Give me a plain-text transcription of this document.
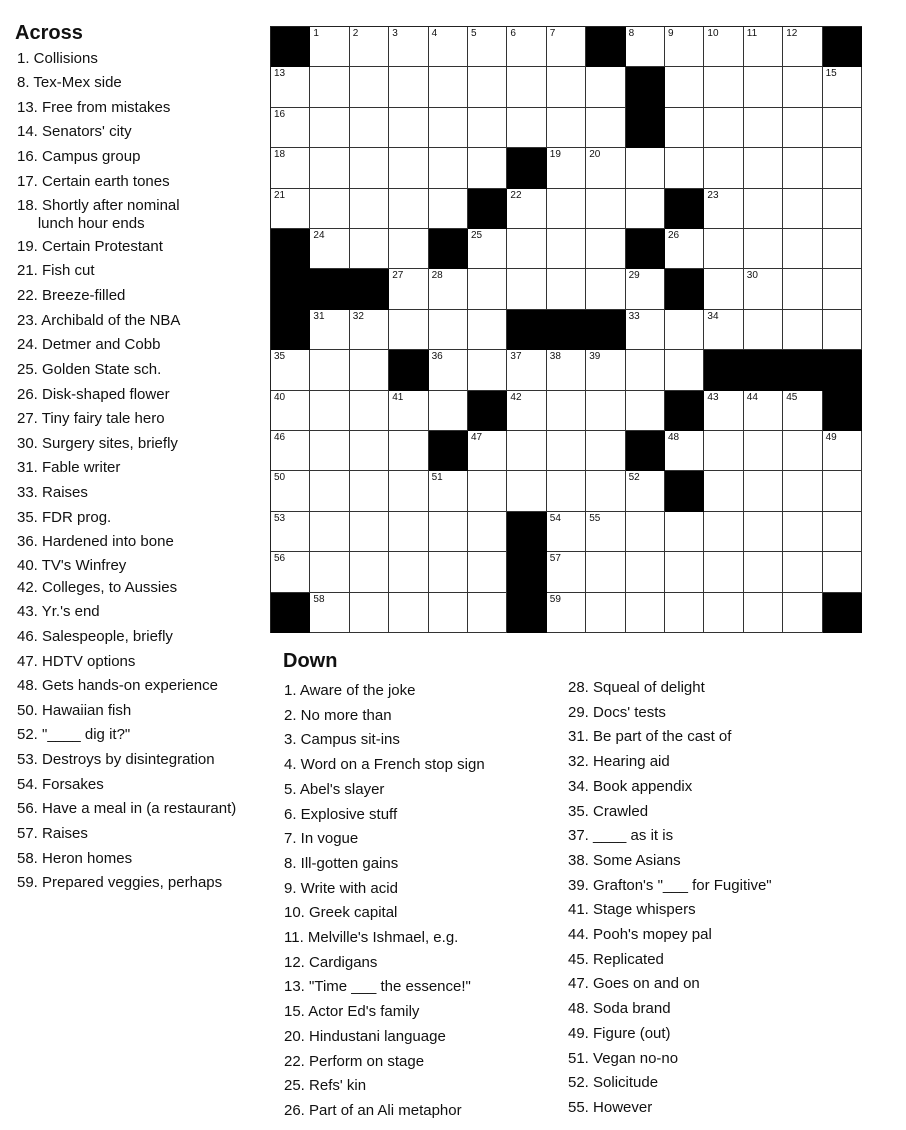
Across
1. Collisions
8. Tex-Mex side
13. Free from mistakes
14. Senators' city
16. Campus group
17. Certain earth tones
18. Shortly after nominal
lunch hour ends
19. Certain Protestant
21. Fish cut
22. Breeze-filled
23. Archibald of the NBA
24. Detmer and Cobb
25. Golden State sch.
26. Disk-shaped flower
27. Tiny fairy tale hero
30. Surgery sites, briefly
31. Fable writer
33. Raises
35. FDR prog.
36. Hardened into bone
40. TV's Winfrey
42. Colleges, to Aussies
43. Yr.'s end
46. Salespeople, briefly
47. HDTV options
48. Gets hands-on experience
50. Hawaiian fish
52. "____ dig it?"
53. Destroys by disintegration
54. Forsakes
56. Have a meal in (a restaurant)
57. Raises
58. Heron homes
59. Prepared veggies, perhaps
1	2	3	4	5	6	7	8	9	10	11	12
13	15
16
18	19	20
21	22	23
24	25	26
27	28	29	30
31	32	33	34
35	36	37	38	39
40	41	42	43	44	45
46	47	48	49
50	51	52
53	54	55
56	57
58	59
Down
1. Aware of the joke
2. No more than
3. Campus sit-ins
4. Word on a French stop sign
5. Abel's slayer
6. Explosive stuff
7. In vogue
8. Ill-gotten gains
9. Write with acid
10. Greek capital
11. Melville's Ishmael, e.g.
12. Cardigans
13. "Time ___ the essence!"
15. Actor Ed's family
20. Hindustani language
22. Perform on stage
25. Refs' kin
26. Part of an Ali metaphor
28. Squeal of delight
29. Docs' tests
31. Be part of the cast of
32. Hearing aid
34. Book appendix
35. Crawled
37. ____ as it is
38. Some Asians
39. Grafton's "___ for Fugitive"
41. Stage whispers
44. Pooh's mopey pal
45. Replicated
47. Goes on and on
48. Soda brand
49. Figure (out)
51. Vegan no-no
52. Solicitude
55. However
